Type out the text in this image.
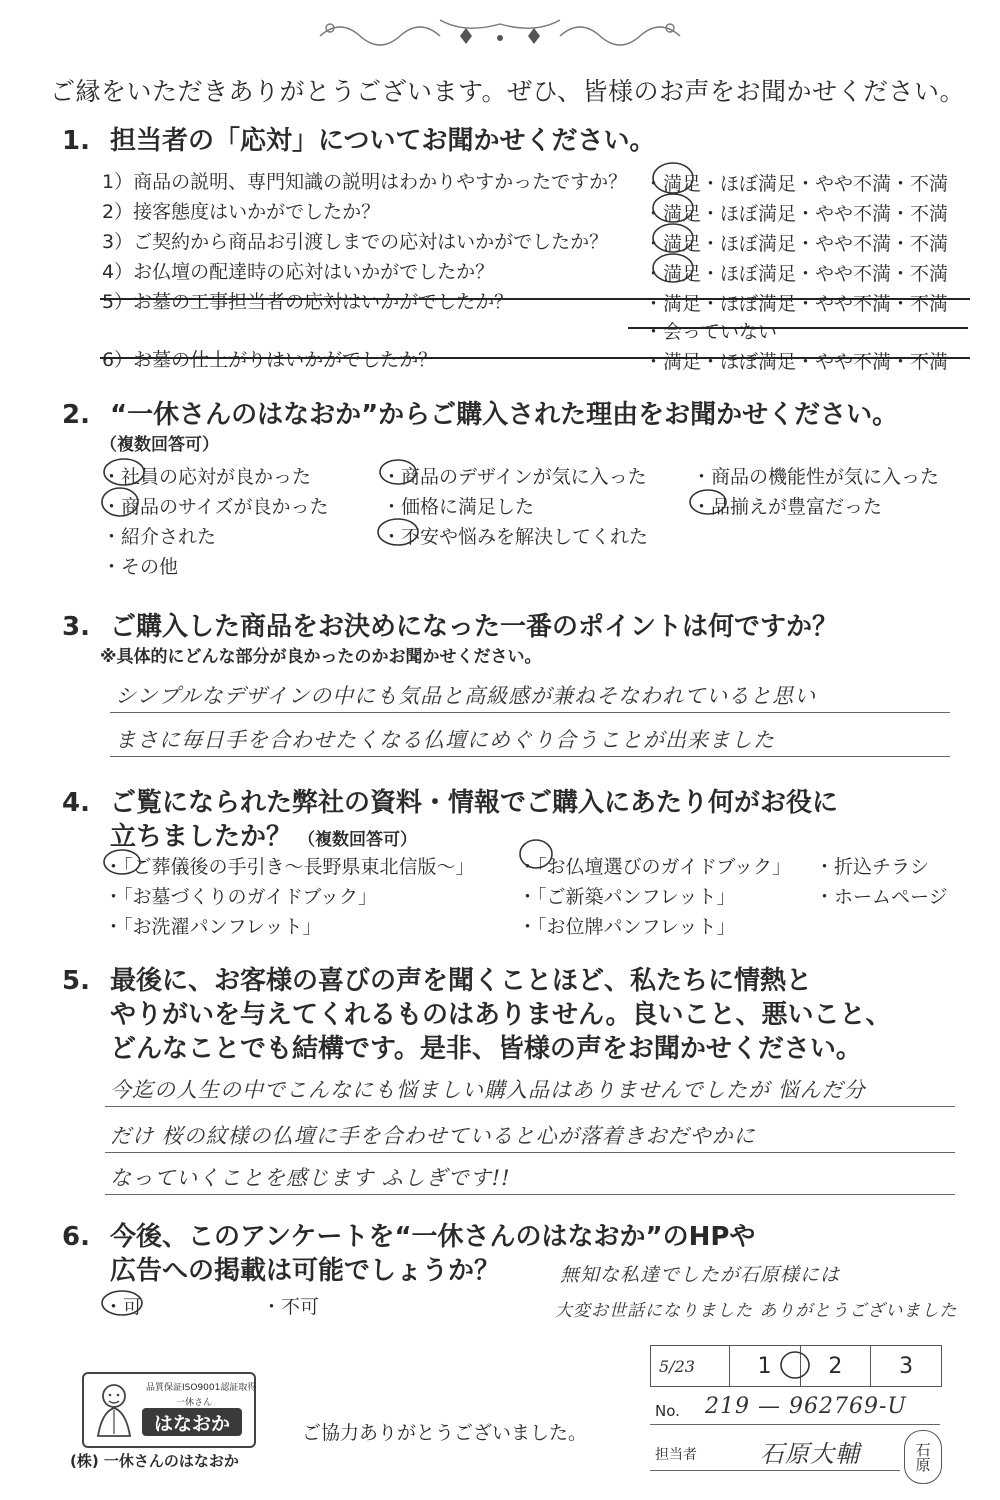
ご縁をいただきありがとうございます。ぜひ、皆様のお声をお聞かせください。
1. 担当者の「応対」についてお聞かせください。
1）商品の説明、専門知識の説明はわかりやすかったですか？ ・満足・ほぼ満足・やや不満・不満
2）接客態度はいかがでしたか？	・満足・ほぼ満足・やや不満・不満
3）ご契約から商品お引渡しまでの応対はいかがでしたか？ ・満足・ほぼ満足・やや不満・不満
4）お仏壇の配達時の応対はいかがでしたか？	・満足・ほぼ満足・やや不満・不満
5）お墓の工事担当者の応対はいかがでしたか？	・満足・ほぼ満足・やや不満・不満
・会っていない
6）お墓の仕上がりはいかがでしたか？	・満足・ほぼ満足・やや不満・不満
2. “一休さんのはなおか”からご購入された理由をお聞かせください。
（複数回答可）
・社員の応対が良かった	・商品のデザインが気に入った ・商品の機能性が気に入った
・商品のサイズが良かった	・価格に満足した	・品揃えが豊富だった
・紹介された	・不安や悩みを解決してくれた
・その他
3. ご購入した商品をお決めになった一番のポイントは何ですか？
※具体的にどんな部分が良かったのかお聞かせください。
シンプルなデザインの中にも気品と高級感が兼ねそなわれていると思い
まさに毎日手を合わせたくなる仏壇にめぐり合うことが出来ました
4. ご覧になられた弊社の資料・情報でご購入にあたり何がお役に
立ちましたか？ （複数回答可）
・「ご葬儀後の手引き〜長野県東北信版〜」 ・「お仏壇選びのガイドブック」 ・折込チラシ
・「お墓づくりのガイドブック」	・「ご新築パンフレット」	・ホームページ
・「お洗濯パンフレット」	・「お位牌パンフレット」
5. 最後に、お客様の喜びの声を聞くことほど、私たちに情熱と
やりがいを与えてくれるものはありません。良いこと、悪いこと、
どんなことでも結構です。是非、皆様の声をお聞かせください。
今迄の人生の中でこんなにも悩ましい購入品はありませんでしたが 悩んだ分
だけ 桜の紋様の仏壇に手を合わせていると心が落着きおだやかに
なっていくことを感じます ふしぎです!!
6. 今後、このアンケートを“一休さんのはなおか”のHPや
広告への掲載は可能でしょうか？
・可	・不可
無知な私達でしたが石原様には
大変お世話になりました ありがとうございました
5/23	1	2	3
No. 219 — 962769-U
担当者	石原大輔	石原
ご協力ありがとうございました。
品質保証ISO9001認証取得
一休さん
はなおか
(株) 一休さんのはなおか
